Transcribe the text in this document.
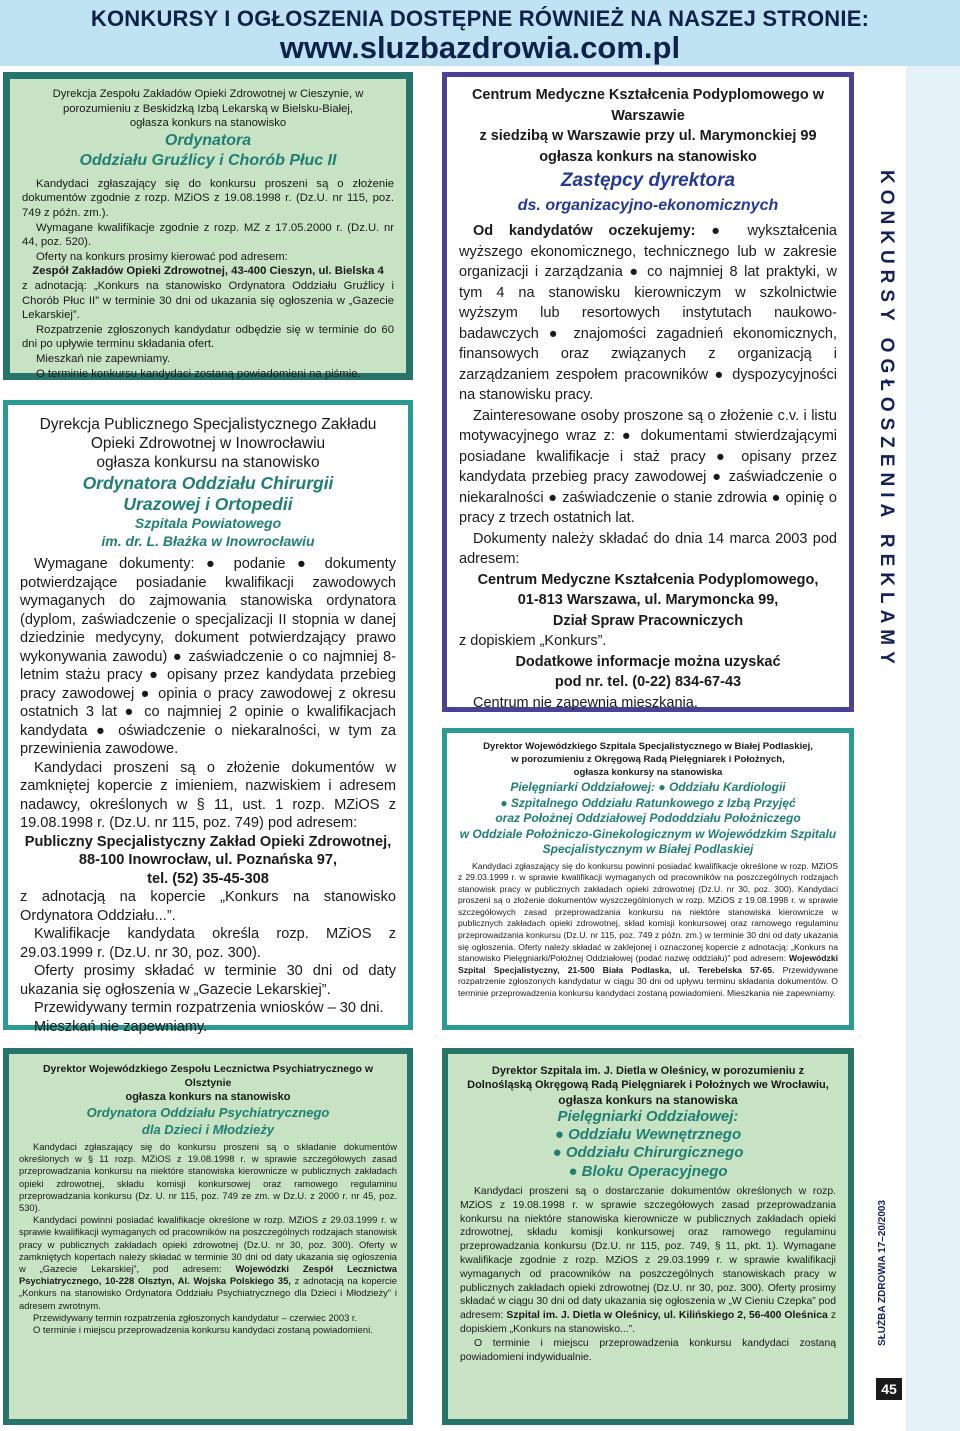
KONKURSY I OGŁOSZENIA DOSTĘPNE RÓWNIEŻ NA NASZEJ STRONIE:
www.sluzbazdrowia.com.pl
KONKURSY OGŁOSZENIA REKLAMY
SŁUŻBA ZDROWIA 17–20/2003
45

Dyrekcja Zespołu Zakładów Opieki Zdrowotnej w Cieszynie, w porozumieniu z Beskidzką Izbą Lekarską w Bielsku-Białej,

ogłasza konkurs na stanowisko

Ordynatora

Oddziału Gruźlicy i Chorób Płuc II

Kandydaci zgłaszający się do konkursu proszeni są o złożenie dokumentów zgodnie z rozp. MZiOS z 19.08.1998 r. (Dz.U. nr 115, poz. 749 z późn. zm.).

Wymagane kwalifikacje zgodnie z rozp. MZ z 17.05.2000 r. (Dz.U. nr 44, poz. 520).

Oferty na konkurs prosimy kierować pod adresem:

Zespół Zakładów Opieki Zdrowotnej, 43-400 Cieszyn, ul. Bielska 4

z adnotacją: „Konkurs na stanowisko Ordynatora Oddziału Gruźlicy i Chorób Płuc II” w terminie 30 dni od ukazania się ogłoszenia w „Gazecie Lekarskiej”.

Rozpatrzenie zgłoszonych kandydatur odbędzie się w terminie do 60 dni po upływie terminu składania ofert.

Mieszkań nie zapewniamy.

O terminie konkursu kandydaci zostaną powiadomieni na piśmie.

Dyrekcja Publicznego Specjalistycznego Zakładu Opieki Zdrowotnej w Inowrocławiu

ogłasza konkursu na stanowisko

Ordynatora Oddziału Chirurgii

Urazowej i Ortopedii

Szpitala Powiatowego

im. dr. L. Błażka w Inowrocławiu

Wymagane dokumenty: ● podanie ● dokumenty potwierdzające posiadanie kwalifikacji zawodowych wymaganych do zajmowania stanowiska ordynatora (dyplom, zaświadczenie o specjalizacji II stopnia w danej dziedzinie medycyny, dokument potwierdzający prawo wykonywania zawodu) ● zaświadczenie o co najmniej 8-letnim stażu pracy ● opisany przez kandydata przebieg pracy zawodowej ● opinia o pracy zawodowej z okresu ostatnich 3 lat ● co najmniej 2 opinie o kwalifikacjach kandydata ● oświadczenie o niekaralności, w tym za przewinienia zawodowe.

Kandydaci proszeni są o złożenie dokumentów w zamkniętej kopercie z imieniem, nazwiskiem i adresem nadawcy, określonych w § 11, ust. 1 rozp. MZiOS z 19.08.1998 r. (Dz.U. nr 115, poz. 749) pod adresem:

Publiczny Specjalistyczny Zakład Opieki Zdrowotnej,

88-100 Inowrocław, ul. Poznańska 97,

tel. (52) 35-45-308

z adnotacją na kopercie „Konkurs na stanowisko Ordynatora Oddziału...”.

Kwalifikacje kandydata określa rozp. MZiOS z 29.03.1999 r. (Dz.U. nr 30, poz. 300).

Oferty prosimy składać w terminie 30 dni od daty ukazania się ogłoszenia w „Gazecie Lekarskiej”.

Przewidywany termin rozpatrzenia wniosków – 30 dni.

Mieszkań nie zapewniamy.

Centrum Medyczne Kształcenia Podyplomowego w Warszawie

z siedzibą w Warszawie przy ul. Marymonckiej 99

ogłasza konkurs na stanowisko

Zastępcy dyrektora

ds. organizacyjno-ekonomicznych

Od kandydatów oczekujemy: ● wykształcenia wyższego ekonomicznego, technicznego lub w zakresie organizacji i zarządzania ● co najmniej 8 lat praktyki, w tym 4 na stanowisku kierowniczym w szkolnictwie wyższym lub resortowych instytutach naukowo-badawczych ● znajomości zagadnień ekonomicznych, finansowych oraz związanych z organizacją i zarządzaniem zespołem pracowników ● dyspozycyjności na stanowisku pracy.

Zainteresowane osoby proszone są o złożenie c.v. i listu motywacyjnego wraz z: ● dokumentami stwierdzającymi posiadane kwalifikacje i staż pracy ● opisany przez kandydata przebieg pracy zawodowej ● zaświadczenie o niekaralności ● zaświadczenie o stanie zdrowia ● opinię o pracy z trzech ostatnich lat.

Dokumenty należy składać do dnia 14 marca 2003 pod adresem:

Centrum Medyczne Kształcenia Podyplomowego,

01-813 Warszawa, ul. Marymoncka 99,

Dział Spraw Pracowniczych

z dopiskiem „Konkurs”.

Dodatkowe informacje można uzyskać

pod nr. tel. (0-22) 834-67-43

Centrum nie zapewnia mieszkania.

Dyrektor Wojewódzkiego Szpitala Specjalistycznego w Białej Podlaskiej,

w porozumieniu z Okręgową Radą Pielęgniarek i Położnych,

ogłasza konkursy na stanowiska

Pielęgniarki Oddziałowej: ● Oddziału Kardiologii

● Szpitalnego Oddziału Ratunkowego z Izbą Przyjęć

oraz Położnej Oddziałowej Pododdziału Położniczego

w Oddziale Położniczo-Ginekologicznym w Wojewódzkim Szpitalu Specjalistycznym w Białej Podlaskiej

Kandydaci zgłaszający się do konkursu powinni posiadać kwalifikacje określone w rozp. MZiOS z 29.03.1999 r. w sprawie kwalifikacji wymaganych od pracowników na poszczególnych rodzajach stanowisk pracy w publicznych zakładach opieki zdrowotnej (Dz.U. nr 30, poz. 300). Kandydaci proszeni są o złożenie dokumentów wyszczególnionych w rozp. MZiOS z 19.08.1998 r. w sprawie szczegółowych zasad przeprowadzania konkursu na niektóre stanowiska kierownicze w publicznych zakładach opieki zdrowotnej, skład komisji konkursowej oraz ramowego regulaminu przeprowadzania konkursu (Dz.U. nr 115, poz. 749 z późn. zm.) w terminie 30 dni od daty ukazania się ogłoszenia. Oferty należy składać w zaklejonej i oznaczonej kopercie z adnotacją: „Konkurs na stanowisko Pielęgniarki/Położnej Oddziałowej (podać nazwę oddziału)” pod adresem: Wojewódzki Szpital Specjalistyczny, 21-500 Biała Podlaska, ul. Terebelska 57-65. Przewidywane rozpatrzenie zgłoszonych kandydatur w ciągu 30 dni od upływu terminu składania dokumentów. O terminie przeprowadzenia konkursu kandydaci zostaną powiadomieni. Mieszkania nie zapewniamy.

Dyrektor Wojewódzkiego Zespołu Lecznictwa Psychiatrycznego w Olsztynie

ogłasza konkurs na stanowisko

Ordynatora Oddziału Psychiatrycznego

dla Dzieci i Młodzieży

Kandydaci zgłaszający się do konkursu proszeni są o składanie dokumentów określonych w § 11 rozp. MZiOS z 19.08.1998 r. w sprawie szczegółowych zasad przeprowadzania konkursu na niektóre stanowiska kierownicze w publicznych zakładach opieki zdrowotnej, składu komisji konkursowej oraz ramowego regulaminu przeprowadzania konkursu (Dz. U. nr 115, poz. 749 ze zm. w Dz.U. z 2000 r. nr 45, poz. 530).

Kandydaci powinni posiadać kwalifikacje określone w rozp. MZiOS z 29.03.1999 r. w sprawie kwalifikacji wymaganych od pracowników na poszczególnych rodzajach stanowisk pracy w publicznych zakładach opieki zdrowotnej (Dz.U. nr 30, poz. 300). Oferty w zamkniętych kopertach należy składać w terminie 30 dni od daty ukazania się ogłoszenia w „Gazecie Lekarskiej”, pod adresem: Wojewódzki Zespół Lecznictwa Psychiatrycznego, 10-228 Olsztyn, Al. Wojska Polskiego 35, z adnotacją na kopercie „Konkurs na stanowisko Ordynatora Oddziału Psychiatrycznego dla Dzieci i Młodzieży” i adresem zwrotnym.

Przewidywany termin rozpatrzenia zgłoszonych kandydatur – czerwiec 2003 r.

O terminie i miejscu przeprowadzenia konkursu kandydaci zostaną powiadomieni.

Dyrektor Szpitala im. J. Dietla w Oleśnicy, w porozumieniu z Dolnośląską Okręgową Radą Pielęgniarek i Położnych we Wrocławiu,

ogłasza konkurs na stanowiska

Pielęgniarki Oddziałowej:

● Oddziału Wewnętrznego

● Oddziału Chirurgicznego

● Bloku Operacyjnego

Kandydaci proszeni są o dostarczanie dokumentów określonych w rozp. MZiOS z 19.08.1998 r. w sprawie szczegółowych zasad przeprowadzania konkursu na niektóre stanowiska kierownicze w publicznych zakładach opieki zdrowotnej, składu komisji konkursowej oraz ramowego regulaminu przeprowadzania konkursu (Dz.U. nr 115, poz. 749, § 11, pkt. 1). Wymagane kwalifikacje zgodnie z rozp. MZiOS z 29.03.1999 r. w sprawie kwalifikacji wymaganych od pracowników na poszczególnych stanowiskach pracy w publicznych zakładach opieki zdrowotnej (Dz.U. nr 30, poz. 300). Oferty prosimy składać w ciągu 30 dni od daty ukazania się ogłoszenia w „W Cieniu Czepka” pod adresem: Szpital im. J. Dietla w Oleśnicy, ul. Kilińskiego 2, 56-400 Oleśnica z dopiskiem „Konkurs na stanowisko...”.

O terminie i miejscu przeprowadzenia konkursu kandydaci zostaną powiadomieni indywidualnie.
